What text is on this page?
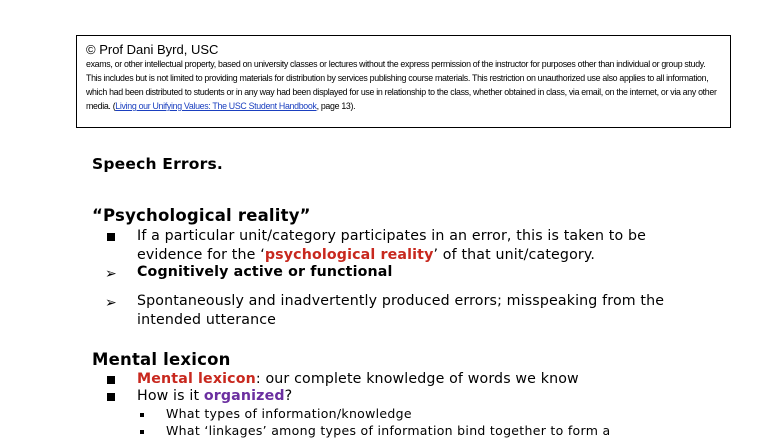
© Prof Dani Byrd, USC
exams, or other intellectual property, based on university classes or lectures without the express permission of the instructor for purposes other than individual or group study. This includes but is not limited to providing materials for distribution by services publishing course materials. This restriction on unauthorized use also applies to all information, which had been distributed to students or in any way had been displayed for use in relationship to the class, whether obtained in class, via email, on the internet, or via any other media. (Living our Unifying Values: The USC Student Handbook, page 13).
Speech Errors.
“Psychological reality”
If a particular unit/category participates in an error, this is taken to be evidence for the ‘psychological reality’ of that unit/category.
➢ Cognitively active or functional
➢ Spontaneously and inadvertently produced errors; misspeaking from the intended utterance
Mental lexicon
Mental lexicon: our complete knowledge of words we know
How is it organized?
What types of information/knowledge
What ‘linkages’ among types of information bind together to form a
